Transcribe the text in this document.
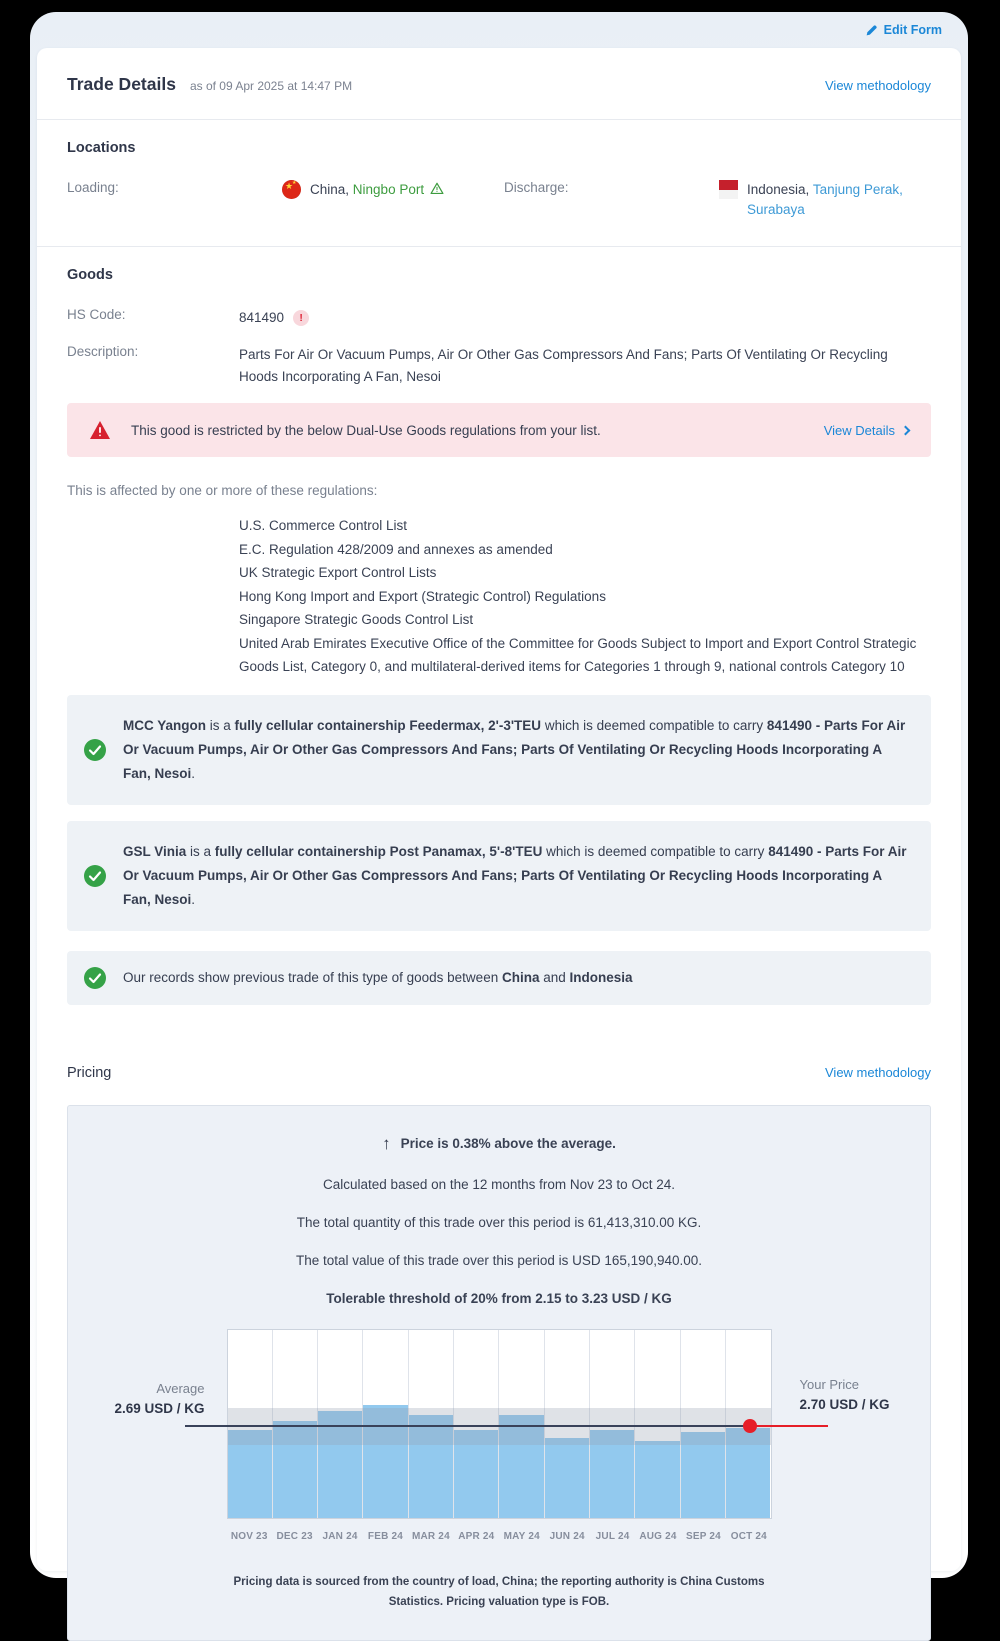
Edit Form
Trade Details as of 09 Apr 2025 at 14:47 PM	View methodology
Locations
Loading:	★
★ China, Ningbo Port	Discharge:	Indonesia, Tanjung Perak, Surabaya
Goods
HS Code:	841490	!
Description:	Parts For Air Or Vacuum Pumps, Air Or Other Gas Compressors And Fans; Parts Of Ventilating Or Recycling Hoods Incorporating A Fan, Nesoi
This good is restricted by the below Dual-Use Goods regulations from your list.	View Details
This is affected by one or more of these regulations:
U.S. Commerce Control List
E.C. Regulation 428/2009 and annexes as amended
UK Strategic Export Control Lists
Hong Kong Import and Export (Strategic Control) Regulations
Singapore Strategic Goods Control List
United Arab Emirates Executive Office of the Committee for Goods Subject to Import and Export Control Strategic Goods List, Category 0, and multilateral-derived items for Categories 1 through 9, national controls Category 10
MCC Yangon is a fully cellular containership Feedermax, 2'-3'TEU which is deemed compatible to carry 841490 - Parts For Air Or Vacuum Pumps, Air Or Other Gas Compressors And Fans; Parts Of Ventilating Or Recycling Hoods Incorporating A Fan, Nesoi.
GSL Vinia is a fully cellular containership Post Panamax, 5'-8'TEU which is deemed compatible to carry 841490 - Parts For Air Or Vacuum Pumps, Air Or Other Gas Compressors And Fans; Parts Of Ventilating Or Recycling Hoods Incorporating A Fan, Nesoi.
Our records show previous trade of this type of goods between China and Indonesia
Pricing	View methodology
↑ Price is 0.38% above the average.
Calculated based on the 12 months from Nov 23 to Oct 24.
The total quantity of this trade over this period is 61,413,310.00 KG.
The total value of this trade over this period is USD 165,190,940.00.
Tolerable threshold of 20% from 2.15 to 3.23 USD / KG
Average
2.69 USD / KG
Your Price
2.70 USD / KG
NOV 23 DEC 23 JAN 24	FEB 24 MAR 24 APR 24 MAY 24 JUN 24	JUL 24 AUG 24 SEP 24 OCT 24
Pricing data is sourced from the country of load, China; the reporting authority is China Customs Statistics. Pricing valuation type is FOB.
